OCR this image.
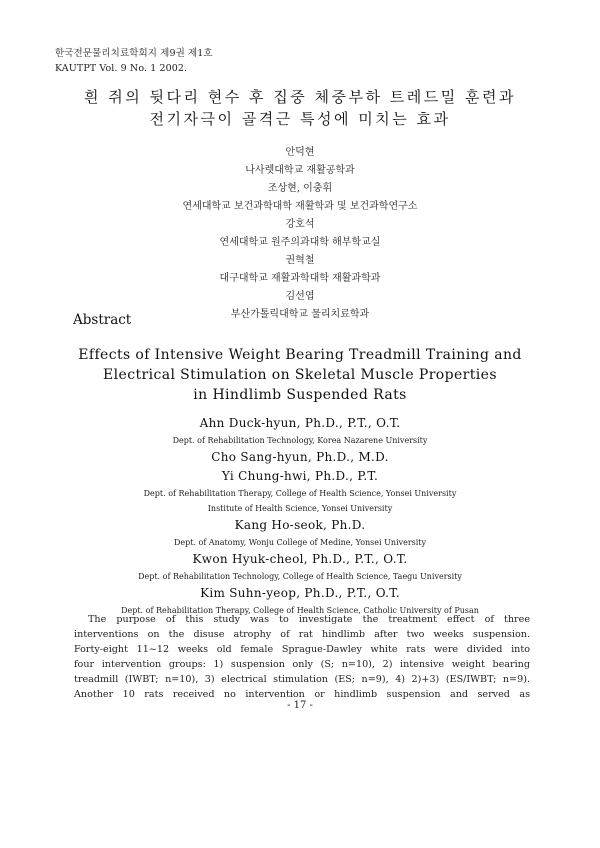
한국전문물리치료학회지 제9권 제1호
KAUTPT Vol. 9 No. 1 2002.
흰 쥐의 뒷다리 현수 후 집중 체중부하 트레드밀 훈련과
전기자극이 골격근 특성에 미치는 효과
안덕현
나사렛대학교 재활공학과
조상현, 이충휘
연세대학교 보건과학대학 재활학과 및 보건과학연구소
강호석
연세대학교 원주의과대학 해부학교실
권혁철
대구대학교 재활과학대학 재활과학과
김선엽
부산가톨릭대학교 물리치료학과
Abstract
Effects of Intensive Weight Bearing Treadmill Training and
Electrical Stimulation on Skeletal Muscle Properties
in Hindlimb Suspended Rats
Ahn Duck-hyun, Ph.D., P.T., O.T.
Dept. of Rehabilitation Technology, Korea Nazarene University
Cho Sang-hyun, Ph.D., M.D.
Yi Chung-hwi, Ph.D., P.T.
Dept. of Rehabilitation Therapy, College of Health Science, Yonsei University
Institute of Health Science, Yonsei University
Kang Ho-seok, Ph.D.
Dept. of Anatomy, Wonju College of Medine, Yonsei University
Kwon Hyuk-cheol, Ph.D., P.T., O.T.
Dept. of Rehabilitation Technology, College of Health Science, Taegu University
Kim Suhn-yeop, Ph.D., P.T., O.T.
Dept. of Rehabilitation Therapy, College of Health Science, Catholic University of Pusan
The purpose of this study was to investigate the treatment effect of three
interventions on the disuse atrophy of rat hindlimb after two weeks suspension.
Forty-eight 11~12 weeks old female Sprague-Dawley white rats were divided into
four intervention groups: 1) suspension only (S; n=10), 2) intensive weight bearing
treadmill (IWBT; n=10), 3) electrical stimulation (ES; n=9), 4) 2)+3) (ES/IWBT; n=9).
Another 10 rats received no intervention or hindlimb suspension and served as
- 17 -
